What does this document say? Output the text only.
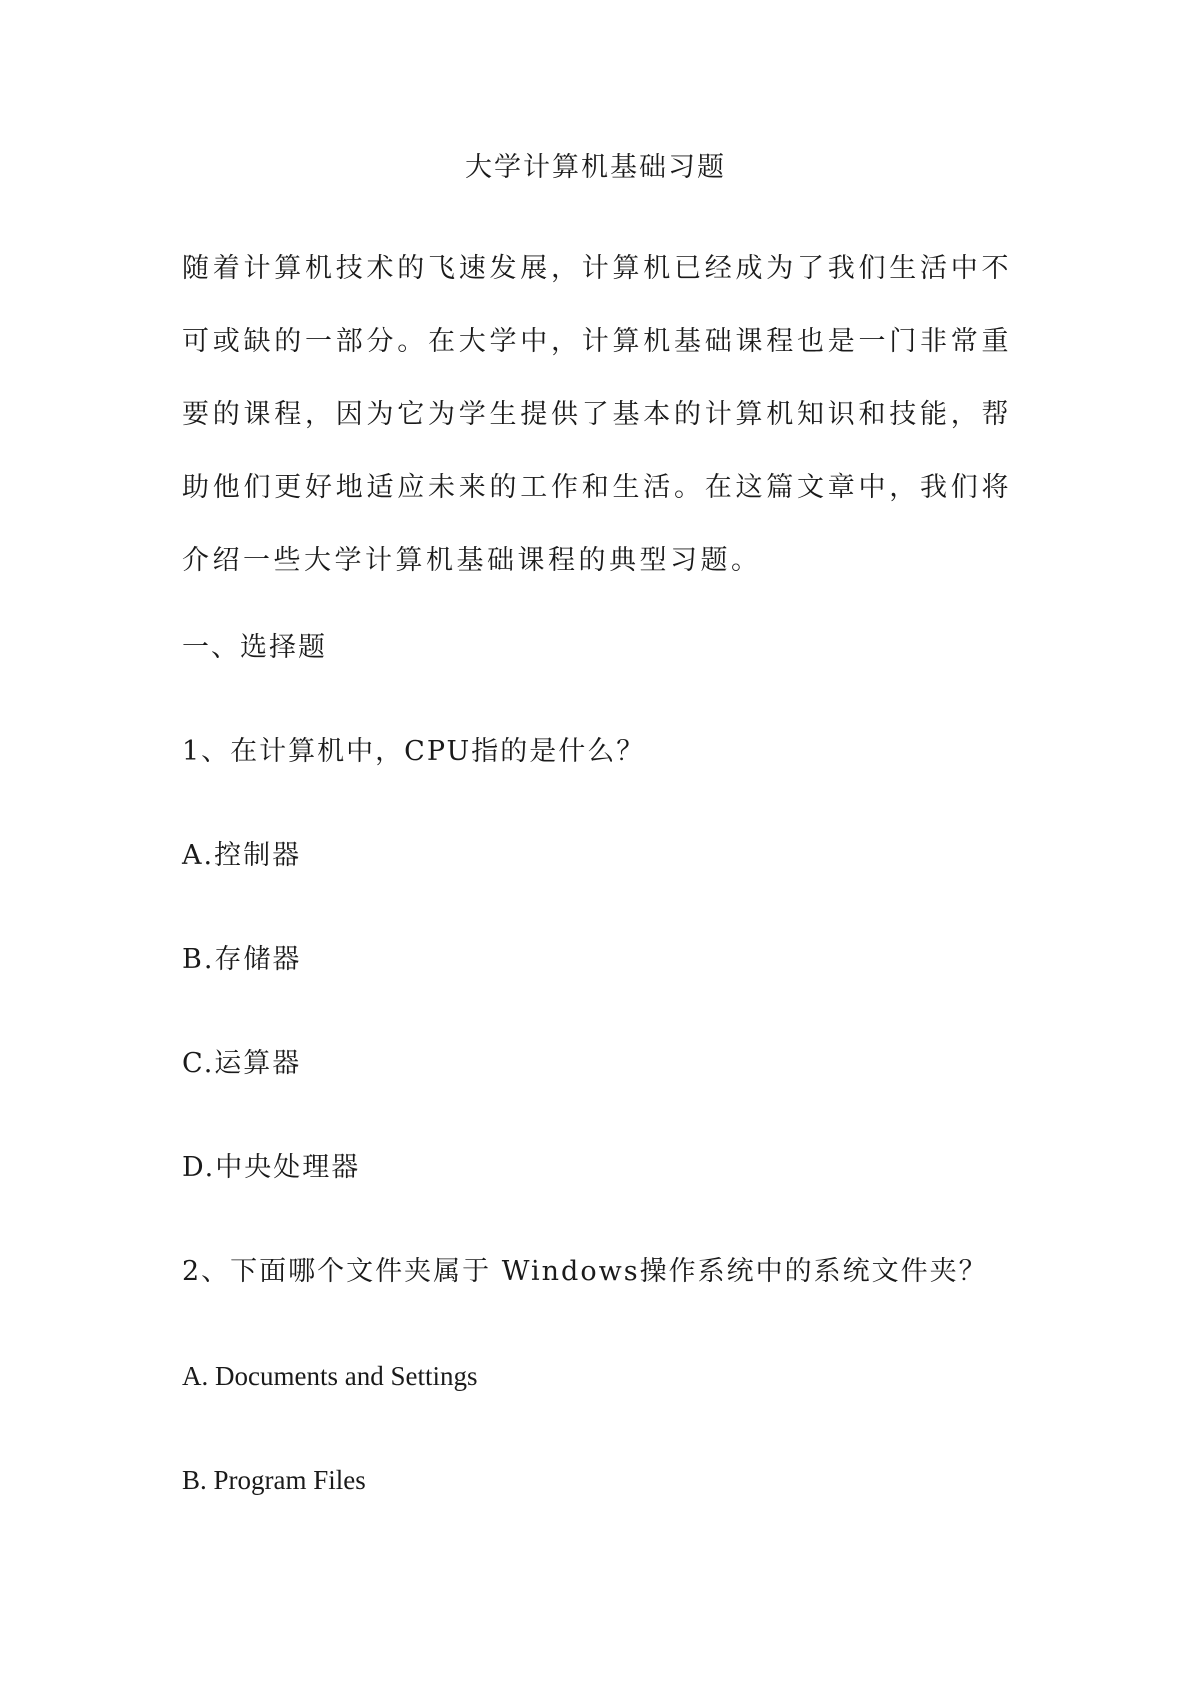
大学计算机基础习题

随着计算机技术的飞速发展，计算机已经成为了我们生活中不可或缺的一部分。在大学中，计算机基础课程也是一门非常重要的课程，因为它为学生提供了基本的计算机知识和技能，帮助他们更好地适应未来的工作和生活。在这篇文章中，我们将介绍一些大学计算机基础课程的典型习题。

一、选择题
1、在计算机中，CPU指的是什么？
A.控制器
B.存储器
C.运算器
D.中央处理器
2、下面哪个文件夹属于 Windows操作系统中的系统文件夹？
A. Documents and Settings
B. Program Files
